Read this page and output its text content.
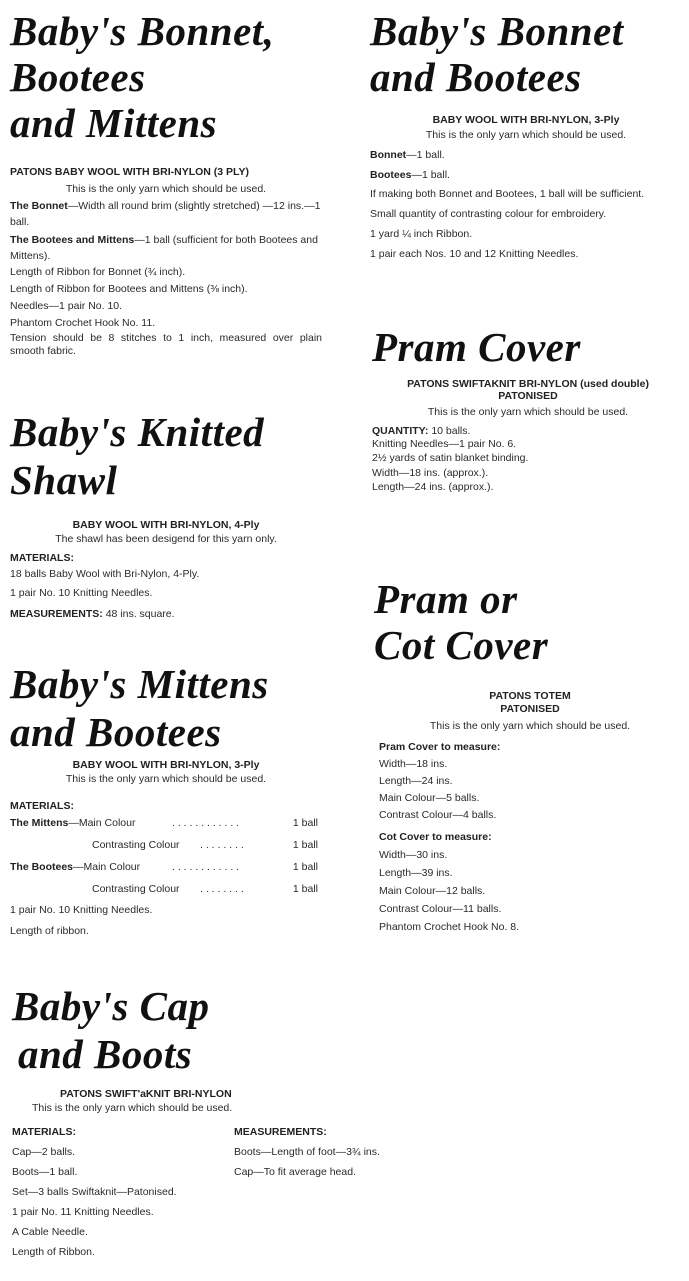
Baby's Bonnet,
Bootees
and Mittens
PATONS BABY WOOL WITH BRI-NYLON (3 PLY)
This is the only yarn which should be used.
The Bonnet—Width all round brim (slightly stretched) —12 ins.—1 ball.
The Bootees and Mittens—1 ball (sufficient for both Bootees and Mittens).
Length of Ribbon for Bonnet (¾ inch).
Length of Ribbon for Bootees and Mittens (⅜ inch).
Needles—1 pair No. 10.
Phantom Crochet Hook No. 11.
Tension should be 8 stitches to 1 inch, measured over plain smooth fabric.
Baby's Knitted
Shawl
BABY WOOL WITH BRI-NYLON, 4-Ply
The shawl has been desigend for this yarn only.
MATERIALS:
18 balls Baby Wool with Bri-Nylon, 4-Ply.
1 pair No. 10 Knitting Needles.
MEASUREMENTS: 48 ins. square.
Baby's Mittens
and Bootees
BABY WOOL WITH BRI-NYLON, 3-Ply
This is the only yarn which should be used.
MATERIALS:
The Mittens—Main Colour	. . . . . . . . . . . .	1 ball
Contrasting Colour	. . . . . . . .	1 ball
The Bootees—Main Colour	. . . . . . . . . . . .	1 ball
Contrasting Colour	. . . . . . . .	1 ball
1 pair No. 10 Knitting Needles.
Length of ribbon.
Baby's Cap
and Boots
PATONS SWIFT'aKNIT BRI-NYLON
This is the only yarn which should be used.
MATERIALS:
Cap—2 balls.
Boots—1 ball.
Set—3 balls Swiftaknit—Patonised.
1 pair No. 11 Knitting Needles.
A Cable Needle.
Length of Ribbon.
MEASUREMENTS:
Boots—Length of foot—3¾ ins.
Cap—To fit average head.
Baby's Bonnet
and Bootees
BABY WOOL WITH BRI-NYLON, 3-Ply
This is the only yarn which should be used.
Bonnet—1 ball.
Bootees—1 ball.
If making both Bonnet and Bootees, 1 ball will be sufficient.
Small quantity of contrasting colour for embroidery.
1 yard ¼ inch Ribbon.
1 pair each Nos. 10 and 12 Knitting Needles.
Pram Cover
PATONS SWIFTAKNIT BRI-NYLON (used double)
PATONISED
This is the only yarn which should be used.
QUANTITY: 10 balls.
Knitting Needles—1 pair No. 6.
2½ yards of satin blanket binding.
Width—18 ins. (approx.).
Length—24 ins. (approx.).
Pram or
Cot Cover
PATONS TOTEM
PATONISED
This is the only yarn which should be used.
Pram Cover to measure:
Width—18 ins.
Length—24 ins.
Main Colour—5 balls.
Contrast Colour—4 balls.
Cot Cover to measure:
Width—30 ins.
Length—39 ins.
Main Colour—12 balls.
Contrast Colour—11 balls.
Phantom Crochet Hook No. 8.
